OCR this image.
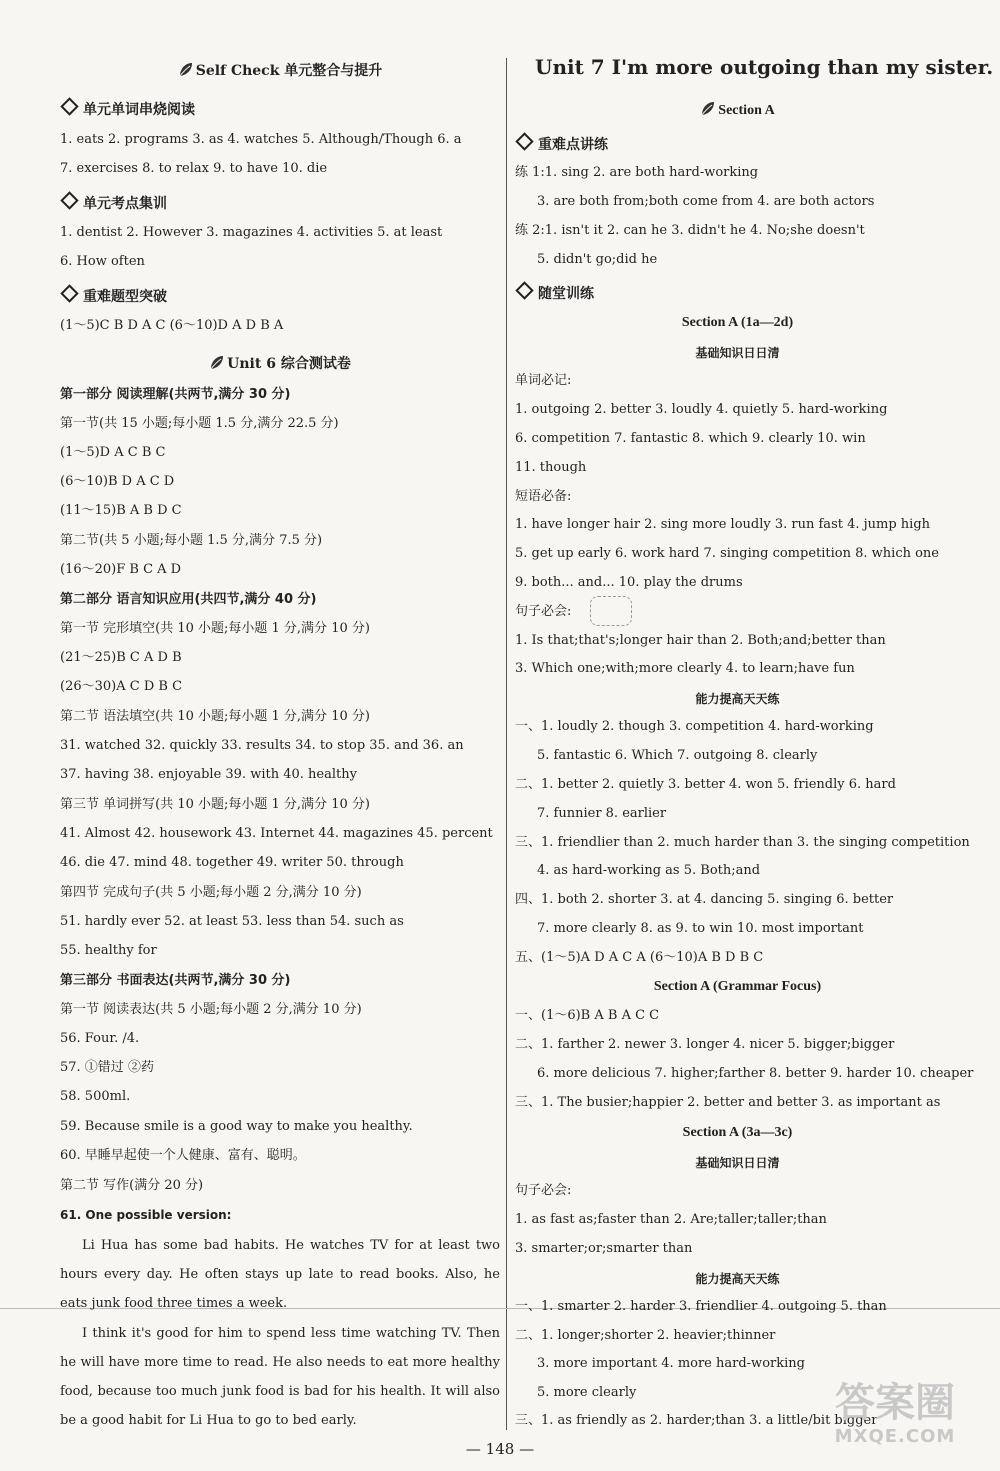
Self Check 单元整合与提升
单元单词串烧阅读
1. eats 2. programs 3. as 4. watches 5. Although/Though 6. a
7. exercises 8. to relax 9. to have 10. die
单元考点集训
1. dentist 2. However 3. magazines 4. activities 5. at least
6. How often
重难题型突破
(1～5)C B D A C (6～10)D A D B A
Unit 6 综合测试卷
第一部分 阅读理解(共两节,满分 30 分)
第一节(共 15 小题;每小题 1.5 分,满分 22.5 分)
(1～5)D A C B C
(6～10)B D A C D
(11～15)B A B D C
第二节(共 5 小题;每小题 1.5 分,满分 7.5 分)
(16～20)F B C A D
第二部分 语言知识应用(共四节,满分 40 分)
第一节 完形填空(共 10 小题;每小题 1 分,满分 10 分)
(21～25)B C A D B
(26～30)A C D B C
第二节 语法填空(共 10 小题;每小题 1 分,满分 10 分)
31. watched 32. quickly 33. results 34. to stop 35. and 36. an
37. having 38. enjoyable 39. with 40. healthy
第三节 单词拼写(共 10 小题;每小题 1 分,满分 10 分)
41. Almost 42. housework 43. Internet 44. magazines 45. percent
46. die 47. mind 48. together 49. writer 50. through
第四节 完成句子(共 5 小题;每小题 2 分,满分 10 分)
51. hardly ever 52. at least 53. less than 54. such as
55. healthy for
第三部分 书面表达(共两节,满分 30 分)
第一节 阅读表达(共 5 小题;每小题 2 分,满分 10 分)
56. Four. /4.
57. ①错过 ②药
58. 500ml.
59. Because smile is a good way to make you healthy.
60. 早睡早起使一个人健康、富有、聪明。
第二节 写作(满分 20 分)
61. One possible version:
Li Hua has some bad habits. He watches TV for at least two hours every day. He often stays up late to read books. Also, he eats junk food three times a week.
I think it's good for him to spend less time watching TV. Then he will have more time to read. He also needs to eat more healthy food, because too much junk food is bad for his health. It will also be a good habit for Li Hua to go to bed early.
Unit 7 I'm more outgoing than my sister.
Section A
重难点讲练
练 1:1. sing 2. are both hard-working
3. are both from;both come from 4. are both actors
练 2:1. isn't it 2. can he 3. didn't he 4. No;she doesn't
5. didn't go;did he
随堂训练
Section A (1a—2d)
基础知识日日清
单词必记:
1. outgoing 2. better 3. loudly 4. quietly 5. hard-working
6. competition 7. fantastic 8. which 9. clearly 10. win
11. though
短语必备:
1. have longer hair 2. sing more loudly 3. run fast 4. jump high
5. get up early 6. work hard 7. singing competition 8. which one
9. both... and... 10. play the drums
句子必会:
1. Is that;that's;longer hair than 2. Both;and;better than
3. Which one;with;more clearly 4. to learn;have fun
能力提高天天练
一、1. loudly 2. though 3. competition 4. hard-working
5. fantastic 6. Which 7. outgoing 8. clearly
二、1. better 2. quietly 3. better 4. won 5. friendly 6. hard
7. funnier 8. earlier
三、1. friendlier than 2. much harder than 3. the singing competition
4. as hard-working as 5. Both;and
四、1. both 2. shorter 3. at 4. dancing 5. singing 6. better
7. more clearly 8. as 9. to win 10. most important
五、(1～5)A D A C A (6～10)A B D B C
Section A (Grammar Focus)
一、(1～6)B A B A C C
二、1. farther 2. newer 3. longer 4. nicer 5. bigger;bigger
6. more delicious 7. higher;farther 8. better 9. harder 10. cheaper
三、1. The busier;happier 2. better and better 3. as important as
Section A (3a—3c)
基础知识日日清
句子必会:
1. as fast as;faster than 2. Are;taller;taller;than
3. smarter;or;smarter than
能力提高天天练
一、1. smarter 2. harder 3. friendlier 4. outgoing 5. than
二、1. longer;shorter 2. heavier;thinner
3. more important 4. more hard-working
5. more clearly
三、1. as friendly as 2. harder;than 3. a little/bit bigger
— 148 —
答案圈
MXQE.COM
